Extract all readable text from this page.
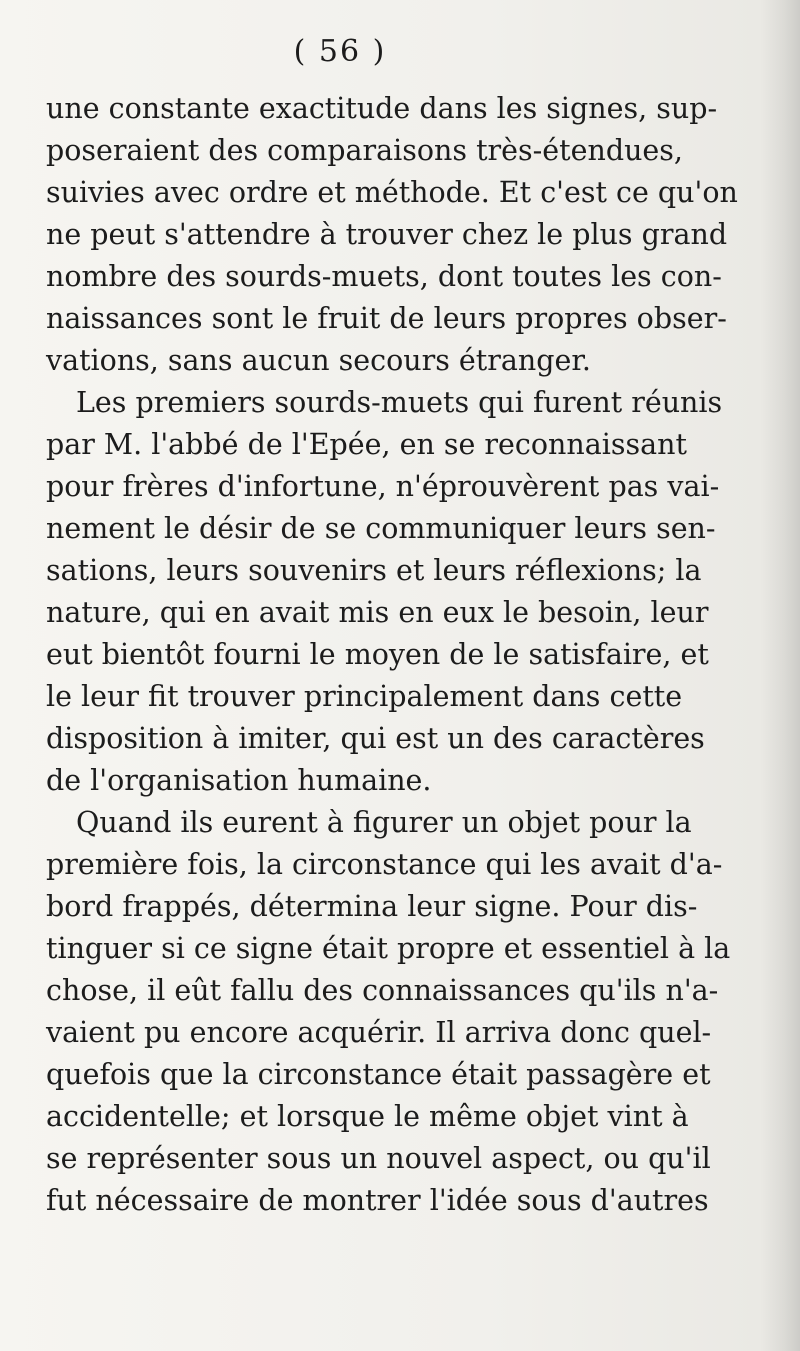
( 56 )
une constante exactitude dans les signes, sup-
poseraient des comparaisons très-étendues,
suivies avec ordre et méthode. Et c'est ce qu'on
ne peut s'attendre à trouver chez le plus grand
nombre des sourds-muets, dont toutes les con-
naissances sont le fruit de leurs propres obser-
vations, sans aucun secours étranger.
Les premiers sourds-muets qui furent réunis
par M. l'abbé de l'Epée, en se reconnaissant
pour frères d'infortune, n'éprouvèrent pas vai-
nement le désir de se communiquer leurs sen-
sations, leurs souvenirs et leurs réflexions; la
nature, qui en avait mis en eux le besoin, leur
eut bientôt fourni le moyen de le satisfaire, et
le leur fit trouver principalement dans cette
disposition à imiter, qui est un des caractères
de l'organisation humaine.
Quand ils eurent à figurer un objet pour la
première fois, la circonstance qui les avait d'a-
bord frappés, détermina leur signe. Pour dis-
tinguer si ce signe était propre et essentiel à la
chose, il eût fallu des connaissances qu'ils n'a-
vaient pu encore acquérir. Il arriva donc quel-
quefois que la circonstance était passagère et
accidentelle; et lorsque le même objet vint à
se représenter sous un nouvel aspect, ou qu'il
fut nécessaire de montrer l'idée sous d'autres
